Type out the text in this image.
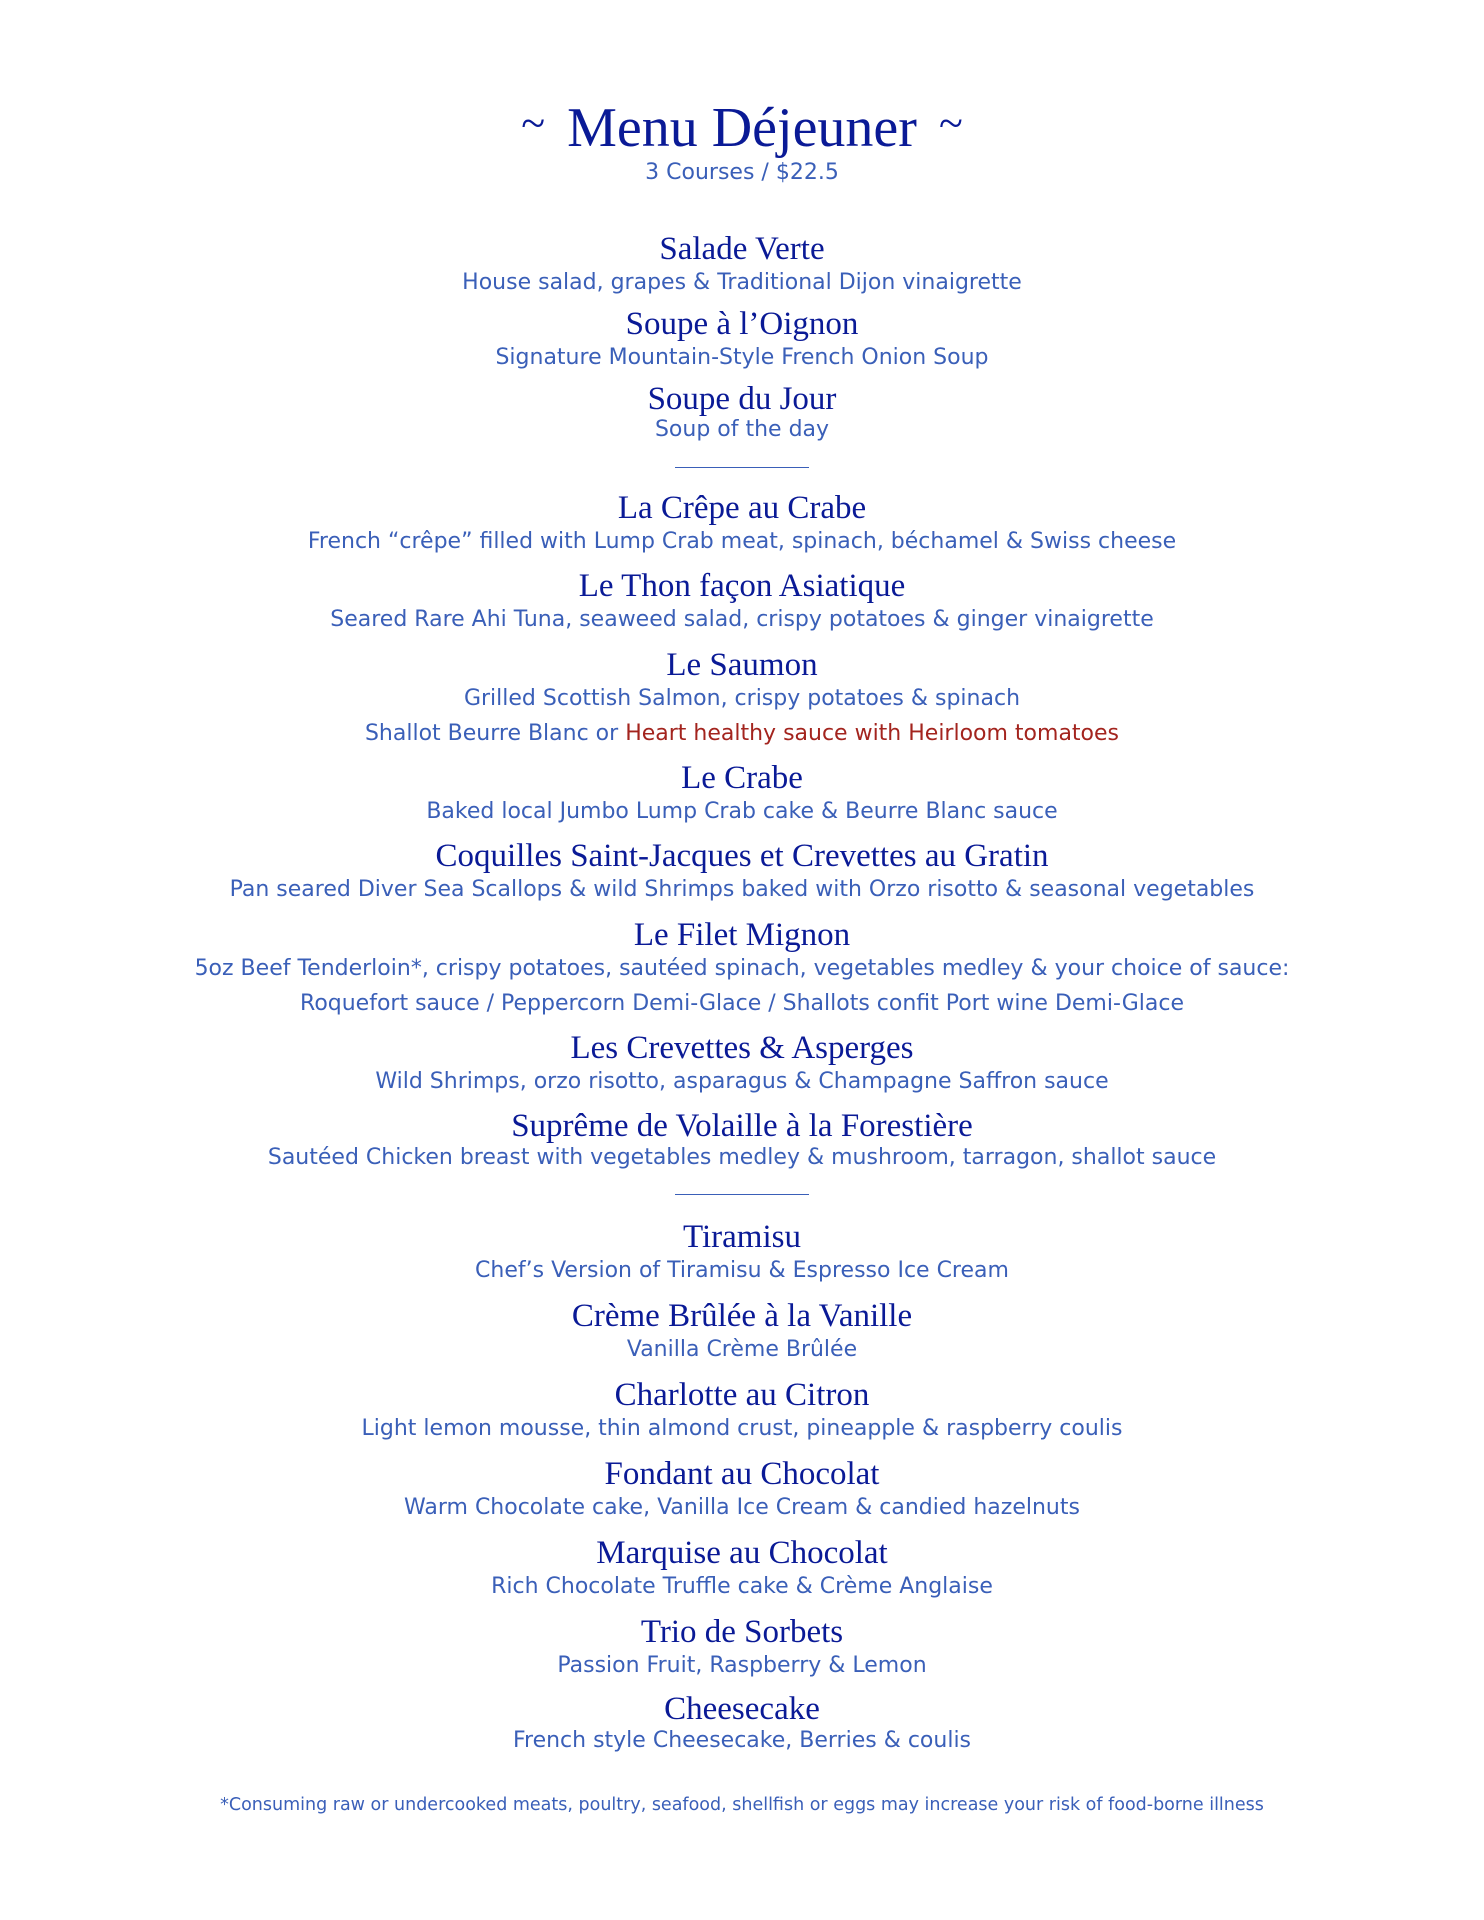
~ Menu Déjeuner ~
3 Courses / $22.5
Salade Verte
House salad, grapes & Traditional Dijon vinaigrette
Soupe à l’Oignon
Signature Mountain-Style French Onion Soup
Soupe du Jour
Soup of the day
La Crêpe au Crabe
French “crêpe” filled with Lump Crab meat, spinach, béchamel & Swiss cheese
Le Thon façon Asiatique
Seared Rare Ahi Tuna, seaweed salad, crispy potatoes & ginger vinaigrette
Le Saumon
Grilled Scottish Salmon, crispy potatoes & spinach
Shallot Beurre Blanc or Heart healthy sauce with Heirloom tomatoes
Le Crabe
Baked local Jumbo Lump Crab cake & Beurre Blanc sauce
Coquilles Saint-Jacques et Crevettes au Gratin
Pan seared Diver Sea Scallops & wild Shrimps baked with Orzo risotto & seasonal vegetables
Le Filet Mignon
5oz Beef Tenderloin*, crispy potatoes, sautéed spinach, vegetables medley & your choice of sauce:
Roquefort sauce / Peppercorn Demi-Glace / Shallots confit Port wine Demi-Glace
Les Crevettes & Asperges
Wild Shrimps, orzo risotto, asparagus & Champagne Saffron sauce
Suprême de Volaille à la Forestière
Sautéed Chicken breast with vegetables medley & mushroom, tarragon, shallot sauce
Tiramisu
Chef’s Version of Tiramisu & Espresso Ice Cream
Crème Brûlée à la Vanille
Vanilla Crème Brûlée
Charlotte au Citron
Light lemon mousse, thin almond crust, pineapple & raspberry coulis
Fondant au Chocolat
Warm Chocolate cake, Vanilla Ice Cream & candied hazelnuts
Marquise au Chocolat
Rich Chocolate Truffle cake & Crème Anglaise
Trio de Sorbets
Passion Fruit, Raspberry & Lemon
Cheesecake
French style Cheesecake, Berries & coulis
*Consuming raw or undercooked meats, poultry, seafood, shellfish or eggs may increase your risk of food-borne illness
